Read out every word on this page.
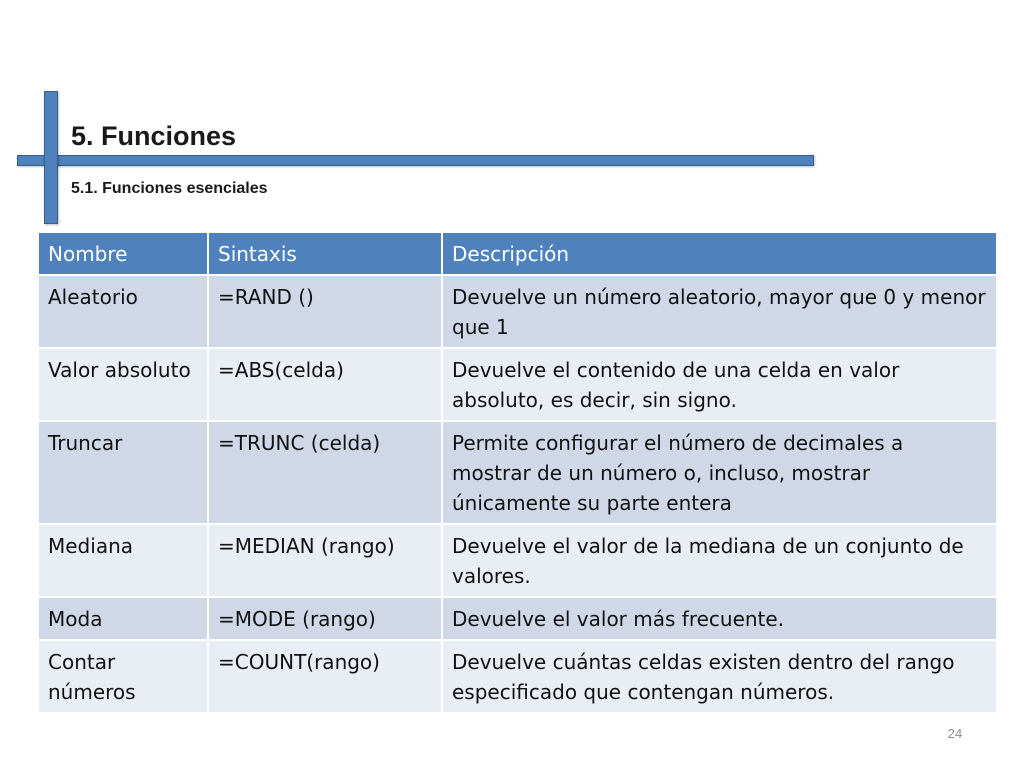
5. Funciones
5.1. Funciones esenciales
Nombre	Sintaxis	Descripción
Aleatorio	=RAND ()	Devuelve un número aleatorio, mayor que 0 y menor que 1
Valor absoluto	=ABS(celda)	Devuelve el contenido de una celda en valor absoluto, es decir, sin signo.
Truncar	=TRUNC (celda)	Permite configurar el número de decimales a mostrar de un número o, incluso, mostrar únicamente su parte entera
Mediana	=MEDIAN (rango)	Devuelve el valor de la mediana de un conjunto de valores.
Moda	=MODE (rango)	Devuelve el valor más frecuente.
Contar números	=COUNT(rango)	Devuelve cuántas celdas existen dentro del rango especificado que contengan números.
24
